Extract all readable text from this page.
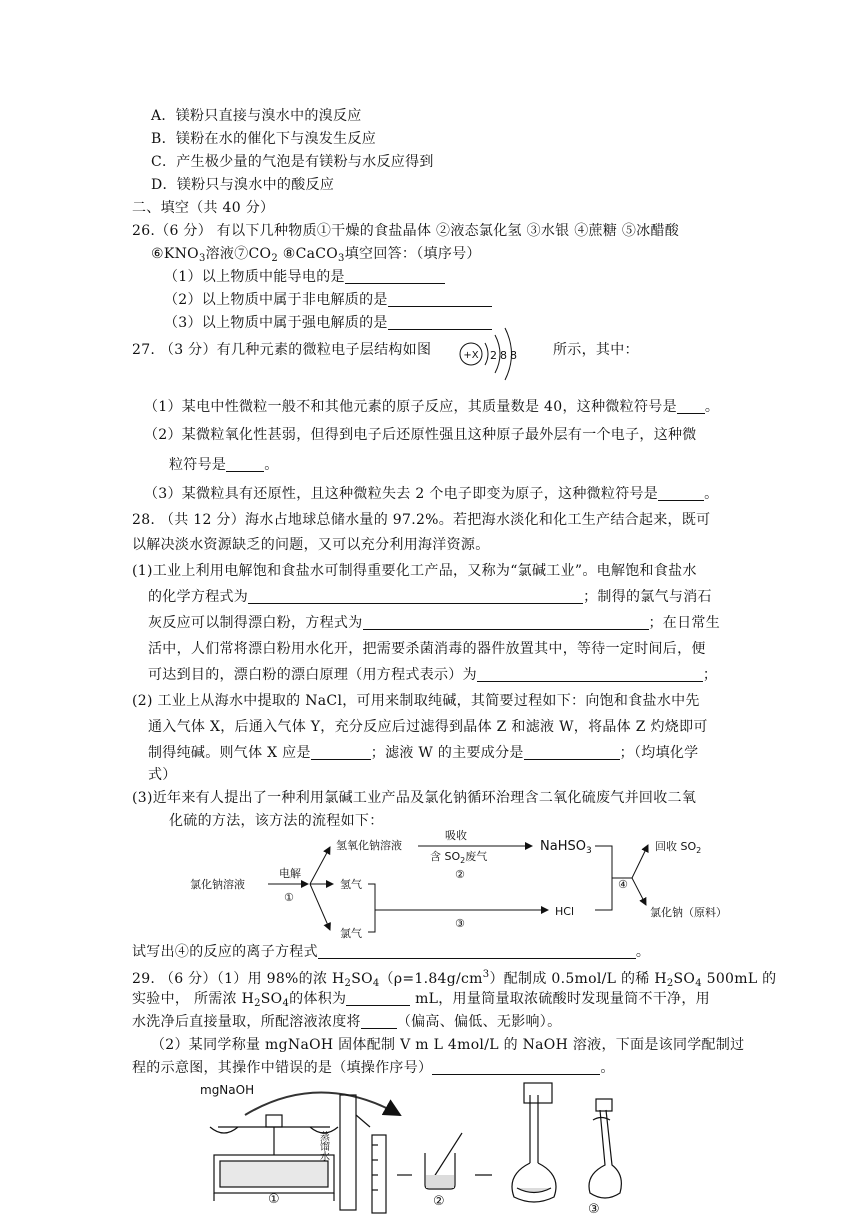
A．镁粉只直接与溴水中的溴反应
B．镁粉在水的催化下与溴发生反应
C．产生极少量的气泡是有镁粉与水反应得到
D．镁粉只与溴水中的酸反应
二、填空（共 40 分）
26.（6 分） 有以下几种物质①干燥的食盐晶体 ②液态氯化氢 ③水银 ④蔗糖 ⑤冰醋酸
$⑥KNO_3$溶液$⑦CO_2$ ⑧CaCO$_3$填空回答：（填序号）
（1）以上物质中能导电的是
（2）以上物质中属于非电解质的是
（3）以上物质中属于强电解质的是
27. （3 分）有几种元素的微粒电子层结构如图	+X 2 8 8	所示，其中：
（1）某电中性微粒一般不和其他元素的原子反应，其质量数是 40，这种微粒符号是 。
（2）某微粒氧化性甚弱，但得到电子后还原性强且这种原子最外层有一个电子，这种微
粒符号是	。
（3）某微粒具有还原性，且这种微粒失去 2 个电子即变为原子，这种微粒符号是	。
28. （共 12 分）海水占地球总储水量的 97.2%。若把海水淡化和化工生产结合起来，既可
以解决淡水资源缺乏的问题，又可以充分利用海洋资源。
(1)工业上利用电解饱和食盐水可制得重要化工产品，又称为“氯碱工业”。电解饱和食盐水
的化学方程式为	；制得的氯气与消石
灰反应可以制得漂白粉，方程式为	；在日常生
活中，人们常将漂白粉用水化开，把需要杀菌消毒的器件放置其中，等待一定时间后，便
可达到目的，漂白粉的漂白原理（用方程式表示）为	；
(2) 工业上从海水中提取的 NaCl，可用来制取纯碱，其简要过程如下：向饱和食盐水中先
通入气体 X，后通入气体 Y，充分反应后过滤得到晶体 Z 和滤液 W，将晶体 Z 灼烧即可
制得纯碱。则气体 X 应是	；滤液 W 的主要成分是	；（均填化学
式）
(3)近年来有人提出了一种利用氯碱工业产品及氯化钠循环治理含二氧化硫废气并回收二氧
化硫的方法，该方法的流程如下：
氯化钠溶液
电解
①
氢氧化钠溶液
吸收
含 $SO_2$废气
②
NaHSO$_3$
氢气
氯气
③
HCl
④
回收 $SO_2$
氯化钠（原料）
试写出④的反应的离子方程式	。
29. （6 分）（1）用 98%的浓 $H_2SO_4(\rho=1.84g/cm^3)$配制成 0.5mol/L 的稀 $H_2SO_4$ 500mL 的
实验中， 所需浓 $H_2SO_4$的体积为	mL，用量筒量取浓硫酸时发现量筒不干净，用
水洗净后直接量取，所配溶液浓度将	（偏高、偏低、无影响）。
（2）某同学称量 mgNaOH 固体配制 V m L 4mol/L 的 NaOH 溶液，下面是该同学配制过
程的示意图，其操作中错误的是（填操作序号）	。
mgNaOH
①
蒸馏水
②
③
